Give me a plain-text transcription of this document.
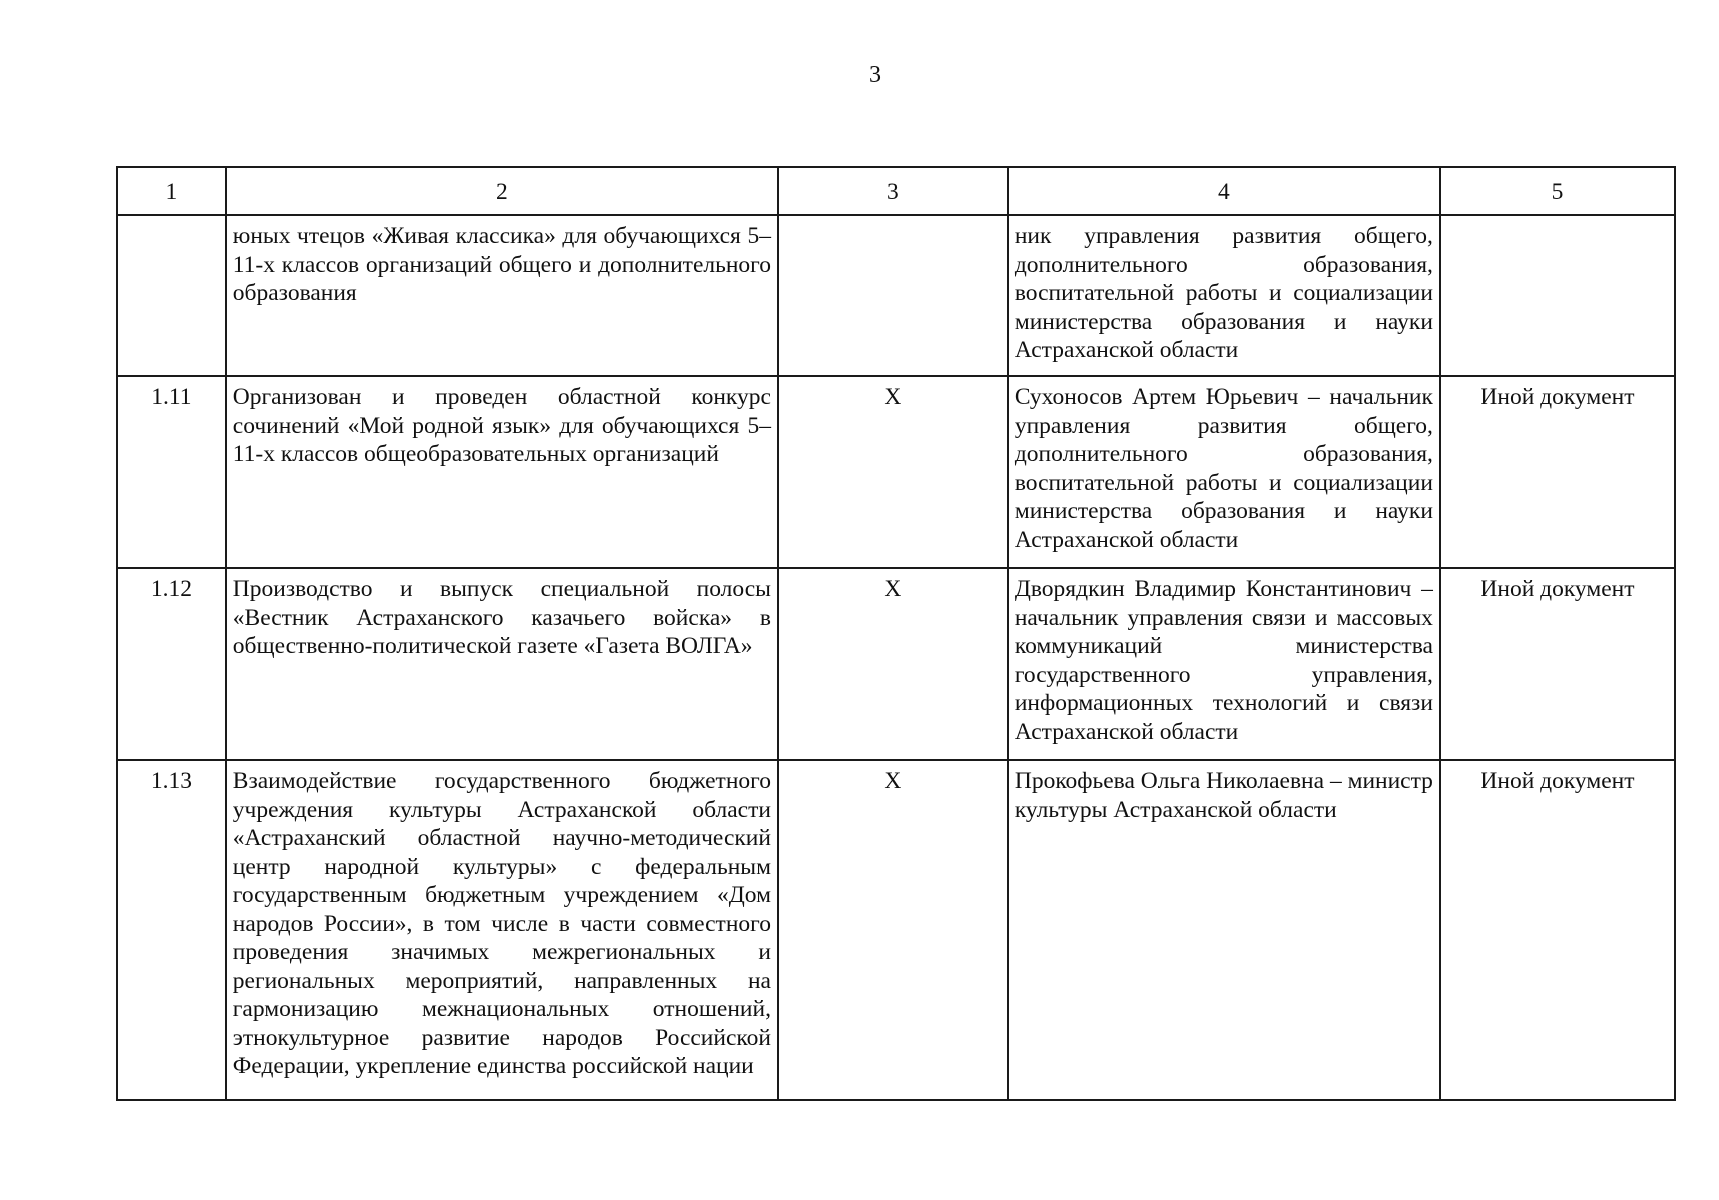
3
1	2	3	4	5
	юных чтецов «Живая классика» для обучающихся 5–11-х классов организаций общего и дополнительного образования		ник управления развития общего, дополнительного образования, воспитательной работы и социализации министерства образования и науки Астраханской области	
1.11	Организован и проведен областной конкурс сочинений «Мой родной язык» для обучающихся 5–11-х классов общеобразовательных организаций	Х	Сухоносов Артем Юрьевич – начальник управления развития общего, дополнительного образования, воспитательной работы и социализации министерства образования и науки Астраханской области	Иной документ
1.12	Производство и выпуск специальной полосы «Вестник Астраханского казачьего войска» в общественно-политической газете «Газета ВОЛГА»	Х	Дворядкин Владимир Константинович – начальник управления связи и массовых коммуникаций министерства государственного управления, информационных технологий и связи Астраханской области	Иной документ
1.13	Взаимодействие государственного бюджетного учреждения культуры Астраханской области «Астраханский областной научно-методический центр народной культуры» с федеральным государственным бюджетным учреждением «Дом народов России», в том числе в части совместного проведения значимых межрегиональных и региональных мероприятий, направленных на гармонизацию межнациональных отношений, этнокультурное развитие народов Российской Федерации, укрепление единства российской нации	Х	Прокофьева Ольга Николаевна – министр культуры Астраханской области	Иной документ
